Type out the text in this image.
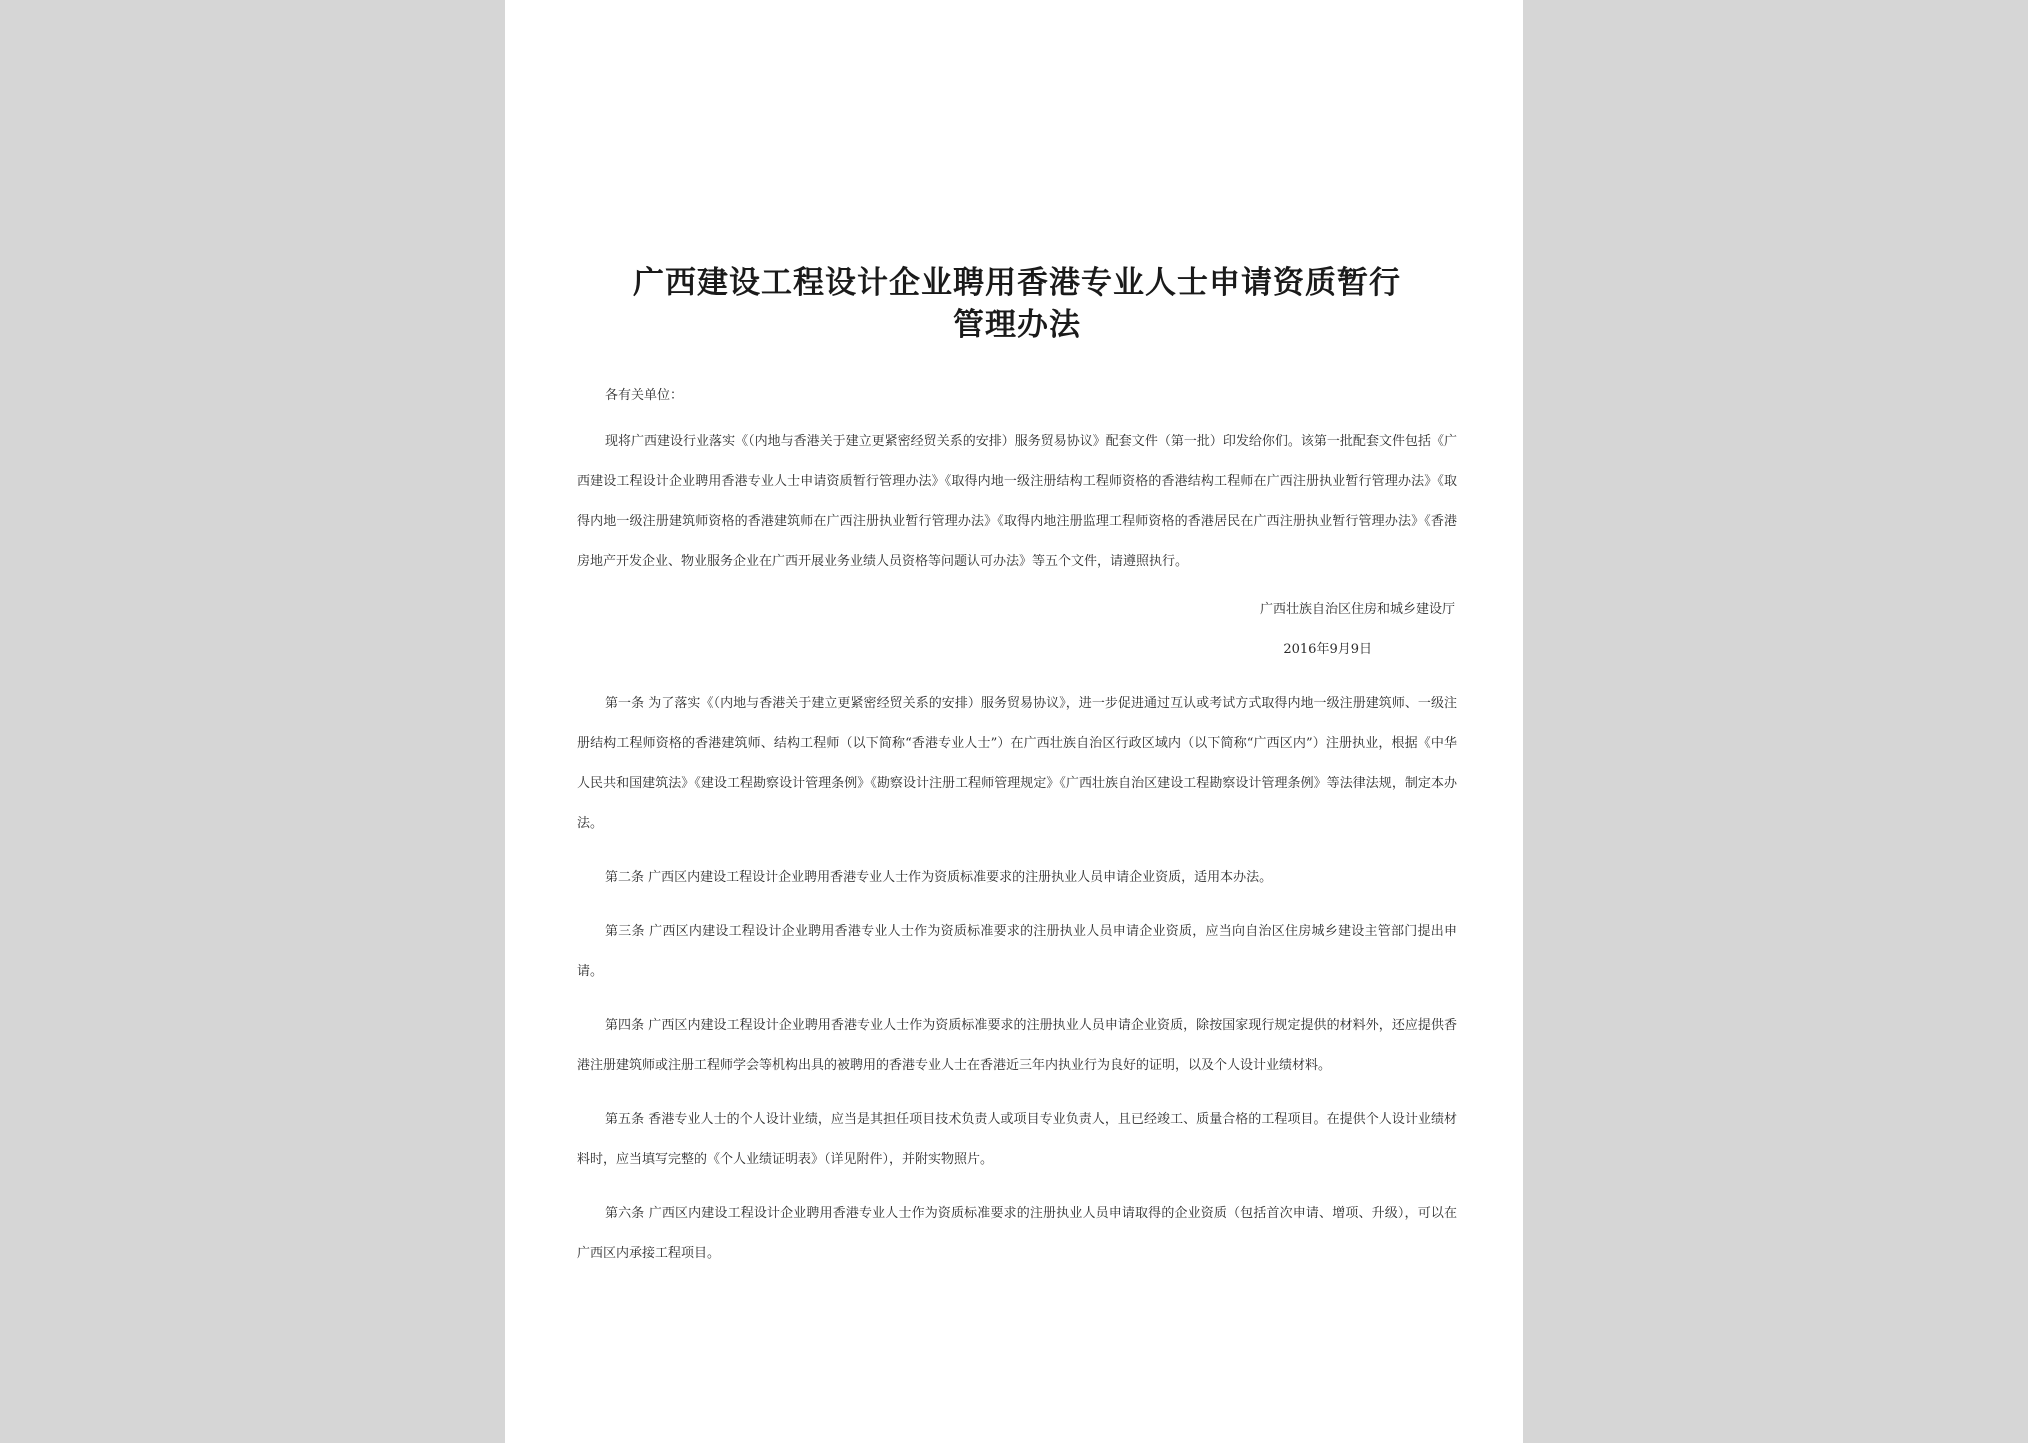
广西建设工程设计企业聘用香港专业人士申请资质暂行
管理办法

各有关单位：

现将广西建设行业落实《（内地与香港关于建立更紧密经贸关系的安排）服务贸易协议》配套文件（第一批）印发给你们。该第一批配套文件包括《广西建设工程设计企业聘用香港专业人士申请资质暂行管理办法》《取得内地一级注册结构工程师资格的香港结构工程师在广西注册执业暂行管理办法》《取得内地一级注册建筑师资格的香港建筑师在广西注册执业暂行管理办法》《取得内地注册监理工程师资格的香港居民在广西注册执业暂行管理办法》《香港房地产开发企业、物业服务企业在广西开展业务业绩人员资格等问题认可办法》等五个文件，请遵照执行。

广西壮族自治区住房和城乡建设厅

2016年9月9日

第一条 为了落实《（内地与香港关于建立更紧密经贸关系的安排）服务贸易协议》，进一步促进通过互认或考试方式取得内地一级注册建筑师、一级注册结构工程师资格的香港建筑师、结构工程师（以下简称“香港专业人士”）在广西壮族自治区行政区域内（以下简称“广西区内”）注册执业，根据《中华人民共和国建筑法》《建设工程勘察设计管理条例》《勘察设计注册工程师管理规定》《广西壮族自治区建设工程勘察设计管理条例》等法律法规，制定本办法。

第二条 广西区内建设工程设计企业聘用香港专业人士作为资质标准要求的注册执业人员申请企业资质，适用本办法。

第三条 广西区内建设工程设计企业聘用香港专业人士作为资质标准要求的注册执业人员申请企业资质，应当向自治区住房城乡建设主管部门提出申请。

第四条 广西区内建设工程设计企业聘用香港专业人士作为资质标准要求的注册执业人员申请企业资质，除按国家现行规定提供的材料外，还应提供香港注册建筑师或注册工程师学会等机构出具的被聘用的香港专业人士在香港近三年内执业行为良好的证明，以及个人设计业绩材料。

第五条 香港专业人士的个人设计业绩，应当是其担任项目技术负责人或项目专业负责人，且已经竣工、质量合格的工程项目。在提供个人设计业绩材料时，应当填写完整的《个人业绩证明表》（详见附件），并附实物照片。

第六条 广西区内建设工程设计企业聘用香港专业人士作为资质标准要求的注册执业人员申请取得的企业资质（包括首次申请、增项、升级），可以在广西区内承接工程项目。
